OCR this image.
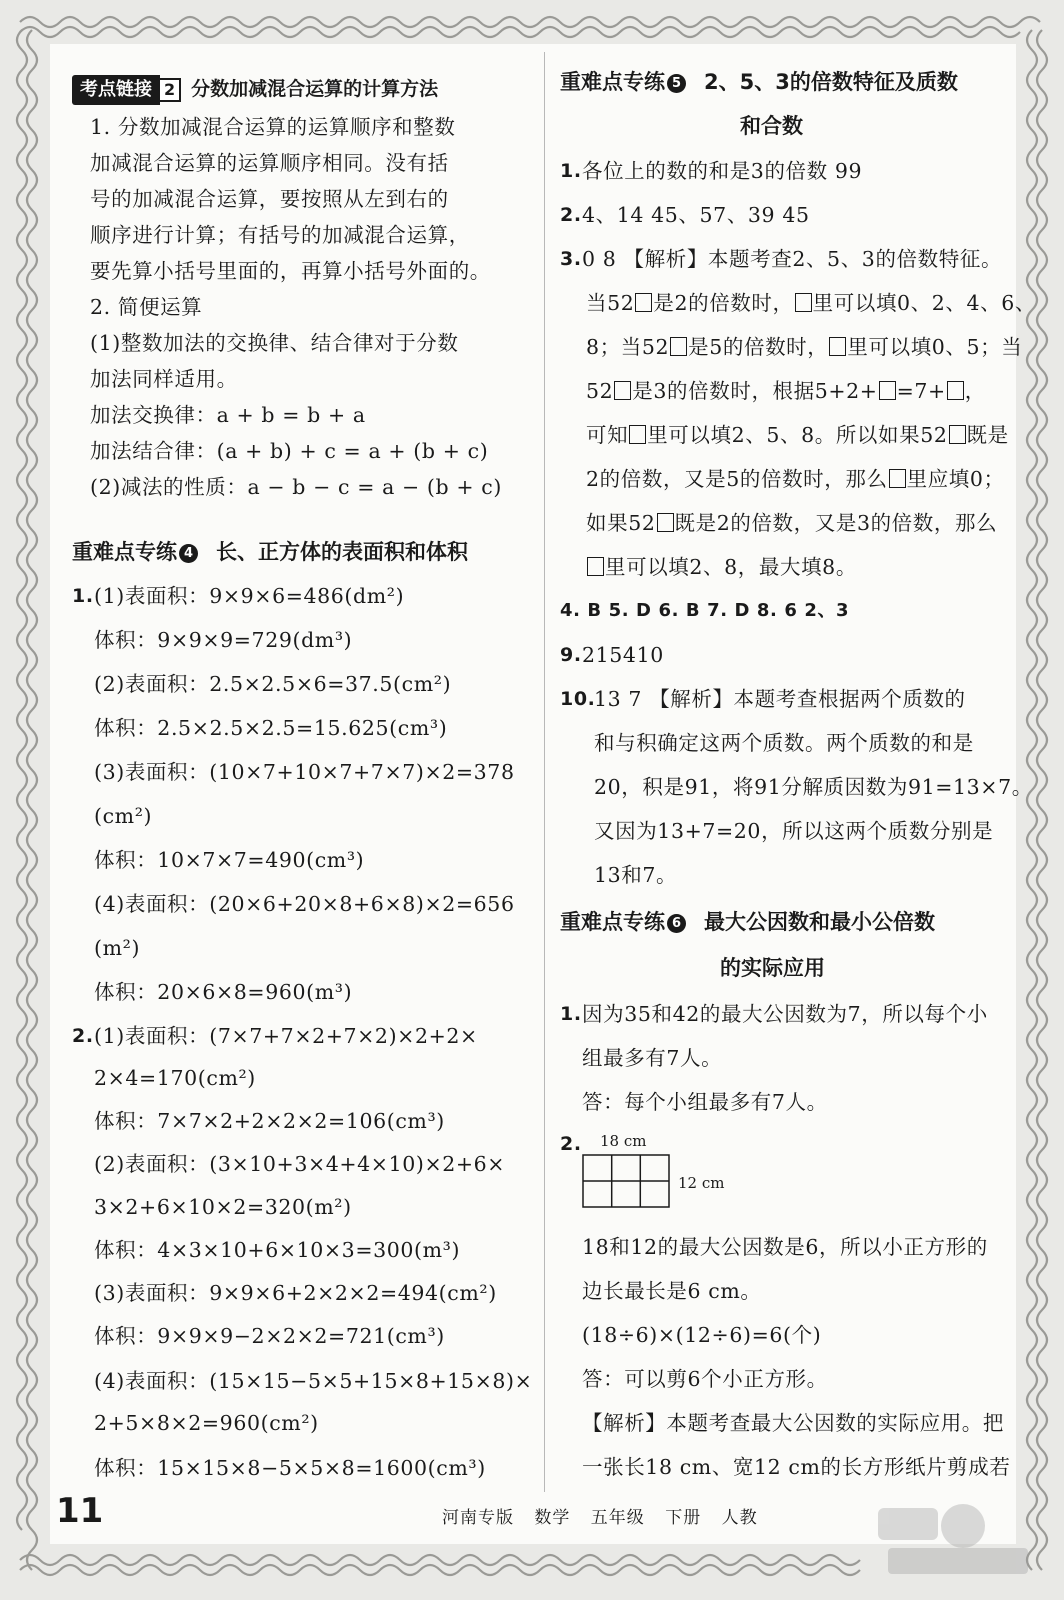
考点链接 2 分数加减混合运算的计算方法
1. 分数加减混合运算的运算顺序和整数
加减混合运算的运算顺序相同。没有括
号的加减混合运算，要按照从左到右的
顺序进行计算；有括号的加减混合运算，
要先算小括号里面的，再算小括号外面的。
2. 简便运算
(1)整数加法的交换律、结合律对于分数
加法同样适用。
加法交换律：a + b = b + a
加法结合律：(a + b) + c = a + (b + c)
(2)减法的性质：a − b − c = a − (b + c)
重难点专练 4 长、正方体的表面积和体积
1. (1)表面积：9×9×6=486(dm²)
体积：9×9×9=729(dm³)
(2)表面积：2.5×2.5×6=37.5(cm²)
体积：2.5×2.5×2.5=15.625(cm³)
(3)表面积：(10×7+10×7+7×7)×2=378
(cm²)
体积：10×7×7=490(cm³)
(4)表面积：(20×6+20×8+6×8)×2=656
(m²)
体积：20×6×8=960(m³)
2. (1)表面积：(7×7+7×2+7×2)×2+2×
2×4=170(cm²)
体积：7×7×2+2×2×2=106(cm³)
(2)表面积：(3×10+3×4+4×10)×2+6×
3×2+6×10×2=320(m²)
体积：4×3×10+6×10×3=300(m³)
(3)表面积：9×9×6+2×2×2=494(cm²)
体积：9×9×9−2×2×2=721(cm³)
(4)表面积：(15×15−5×5+15×8+15×8)×
2+5×8×2=960(cm²)
体积：15×15×8−5×5×8=1600(cm³)
重难点专练 5 2、5、3的倍数特征及质数
和合数
1. 各位上的数的和是3的倍数 99
2. 4、14 45、57、39 45
3. 0 8 【解析】本题考查2、5、3的倍数特征。
当52 是2的倍数时， 里可以填0、2、4、6、
8；当52 是5的倍数时， 里可以填0、5；当
52 是3的倍数时，根据5+2+ =7+ ，
可知 里可以填2、5、8。所以如果52 既是
2的倍数，又是5的倍数时，那么 里应填0；
如果52 既是2的倍数，又是3的倍数，那么
里可以填2、8，最大填8。
4. B 5. D 6. B 7. D 8. 6 2、3
9. 215410
10.
13 7 【解析】本题考查根据两个质数的
和与积确定这两个质数。两个质数的和是
20，积是91，将91分解质因数为91=13×7。
又因为13+7=20，所以这两个质数分别是
13和7。
重难点专练 6 最大公因数和最小公倍数
的实际应用
1. 因为35和42的最大公因数为7，所以每个小
组最多有7人。
答：每个小组最多有7人。
2. 18 cm
12 cm
18和12的最大公因数是6，所以小正方形的
边长最长是6 cm。
(18÷6)×(12÷6)=6(个)
答：可以剪6个小正方形。
【解析】本题考查最大公因数的实际应用。把
一张长18 cm、宽12 cm的长方形纸片剪成若
11	河南专版 数学 五年级 下册 人教
